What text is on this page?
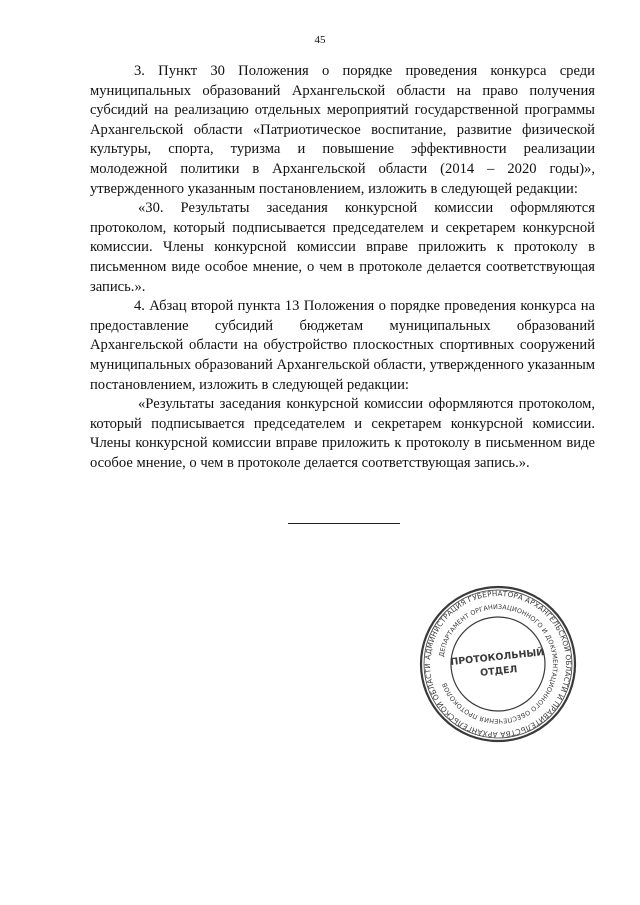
45

3. Пункт 30 Положения о порядке проведения конкурса среди муниципальных образований Архангельской области на право получения субсидий на реализацию отдельных мероприятий государственной программы Архангельской области «Патриотическое воспитание, развитие физической культуры, спорта, туризма и повышение эффективности реализации молодежной политики в Архангельской области (2014 – 2020 годы)», утвержденного указанным постановлением, изложить в следующей редакции:

«30. Результаты заседания конкурсной комиссии оформляются протоколом, который подписывается председателем и секретарем конкурсной комиссии. Члены конкурсной комиссии вправе приложить к протоколу в письменном виде особое мнение, о чем в протоколе делается соответствующая запись.».

4. Абзац второй пункта 13 Положения о порядке проведения конкурса на предоставление субсидий бюджетам муниципальных образований Архангельской области на обустройство плоскостных спортивных сооружений муниципальных образований Архангельской области, утвержденного указанным постановлением, изложить в следующей редакции:

«Результаты заседания конкурсной комиссии оформляются протоколом, который подписывается председателем и секретарем конкурсной комиссии. Члены конкурсной комиссии вправе приложить к протоколу в письменном виде особое мнение, о чем в протоколе делается соответствующая запись.».

АДМИНИСТРАЦИЯ ГУБЕРНАТОРА АРХАНГЕЛЬСКОЙ ОБЛАСТИ И ПРАВИТЕЛЬСТВА АРХАНГЕЛЬСКОЙ ОБЛАСТИ
ДЕПАРТАМЕНТ ОРГАНИЗАЦИОННОГО И ДОКУМЕНТАЦИОННОГО ОБЕСПЕЧЕНИЯ ПРОТОКОЛОВ
ПРОТОКОЛЬНЫЙ
ОТДЕЛ
